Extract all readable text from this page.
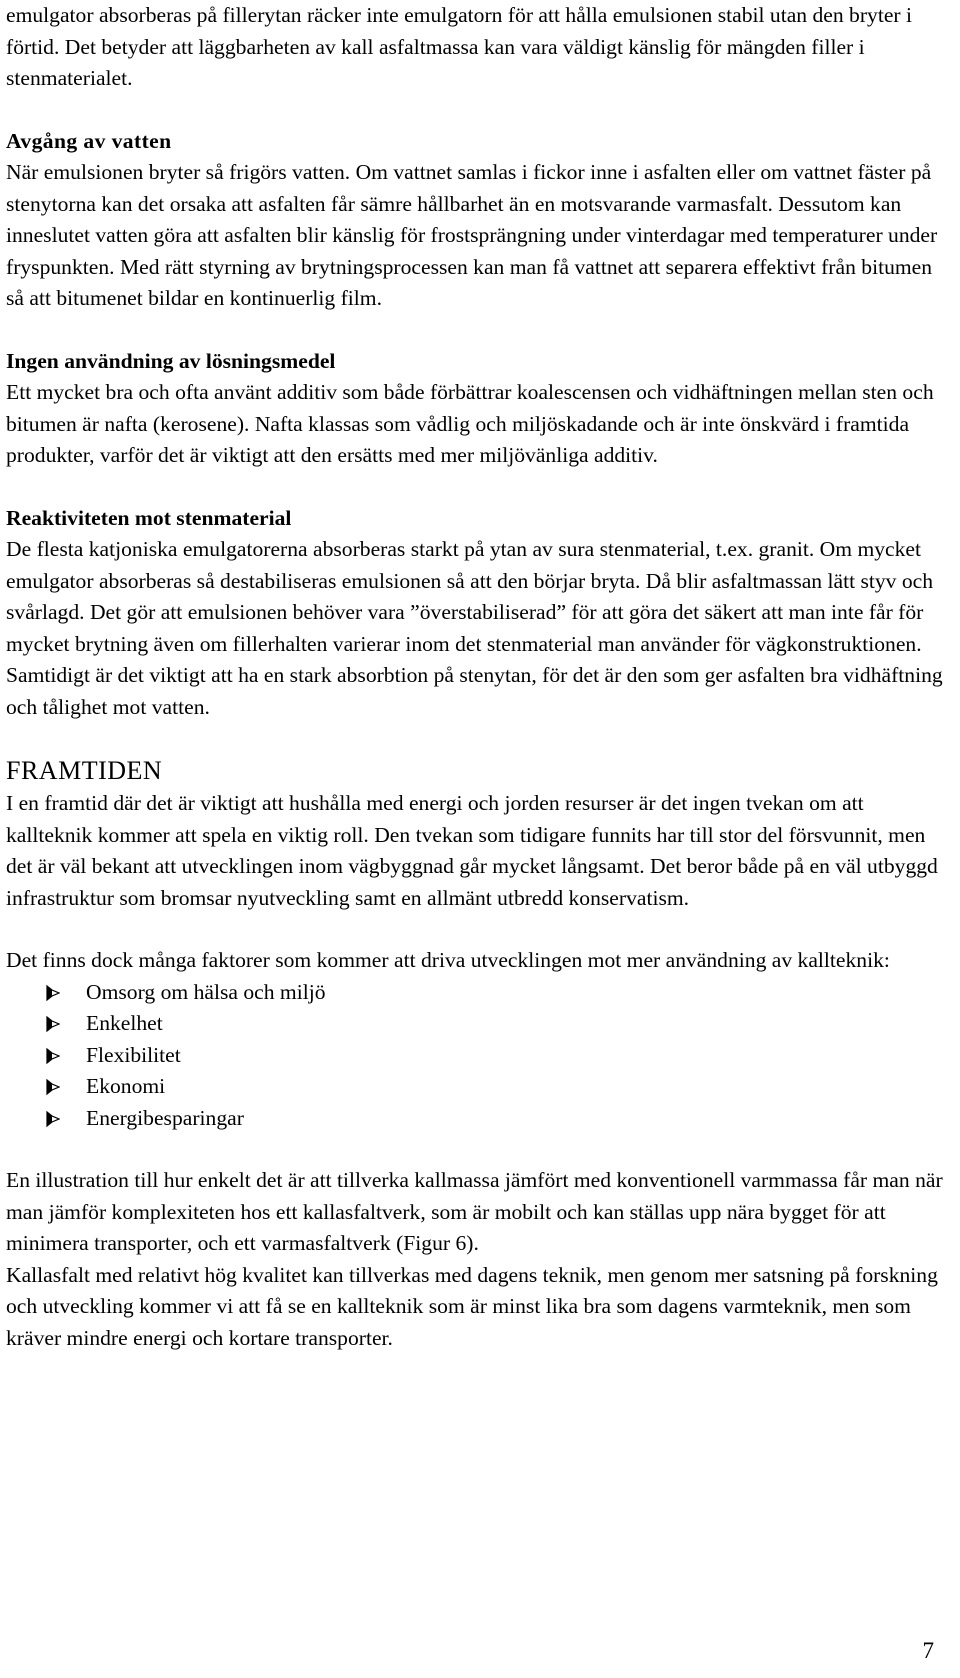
emulgator absorberas på fillerytan räcker inte emulgatorn för att hålla emulsionen stabil utan den bryter i förtid. Det betyder att läggbarheten av kall asfaltmassa kan vara väldigt känslig för mängden filler i stenmaterialet.

Avgång av vatten

När emulsionen bryter så frigörs vatten. Om vattnet samlas i fickor inne i asfalten eller om vattnet fäster på stenytorna kan det orsaka att asfalten får sämre hållbarhet än en motsvarande varmasfalt. Dessutom kan inneslutet vatten göra att asfalten blir känslig för frostsprängning under vinterdagar med temperaturer under fryspunkten. Med rätt styrning av brytningsprocessen kan man få vattnet att separera effektivt från bitumen så att bitumenet bildar en kontinuerlig film.

Ingen användning av lösningsmedel

Ett mycket bra och ofta använt additiv som både förbättrar koalescensen och vidhäftningen mellan sten och bitumen är nafta (kerosene). Nafta klassas som vådlig och miljöskadande och är inte önskvärd i framtida produkter, varför det är viktigt att den ersätts med mer miljövänliga additiv.

Reaktiviteten mot stenmaterial

De flesta katjoniska emulgatorerna absorberas starkt på ytan av sura stenmaterial, t.ex. granit. Om mycket emulgator absorberas så destabiliseras emulsionen så att den börjar bryta. Då blir asfaltmassan lätt styv och svårlagd. Det gör att emulsionen behöver vara ”överstabiliserad” för att göra det säkert att man inte får för mycket brytning även om fillerhalten varierar inom det stenmaterial man använder för vägkonstruktionen. Samtidigt är det viktigt att ha en stark absorbtion på stenytan, för det är den som ger asfalten bra vidhäftning och tålighet mot vatten.

FRAMTIDEN

I en framtid där det är viktigt att hushålla med energi och jorden resurser är det ingen tvekan om att kallteknik kommer att spela en viktig roll. Den tvekan som tidigare funnits har till stor del försvunnit, men det är väl bekant att utvecklingen inom vägbyggnad går mycket långsamt. Det beror både på en väl utbyggd infrastruktur som bromsar nyutveckling samt en allmänt utbredd konservatism.

Det finns dock många faktorer som kommer att driva utvecklingen mot mer användning av kallteknik:

Omsorg om hälsa och miljö
Enkelhet
Flexibilitet
Ekonomi
Energibesparingar

En illustration till hur enkelt det är att tillverka kallmassa jämfört med konventionell varmmassa får man när man jämför komplexiteten hos ett kallasfaltverk, som är mobilt och kan ställas upp nära bygget för att minimera transporter, och ett varmasfaltverk (Figur 6).

Kallasfalt med relativt hög kvalitet kan tillverkas med dagens teknik, men genom mer satsning på forskning och utveckling kommer vi att få se en kallteknik som är minst lika bra som dagens varmteknik, men som kräver mindre energi och kortare transporter.

7
